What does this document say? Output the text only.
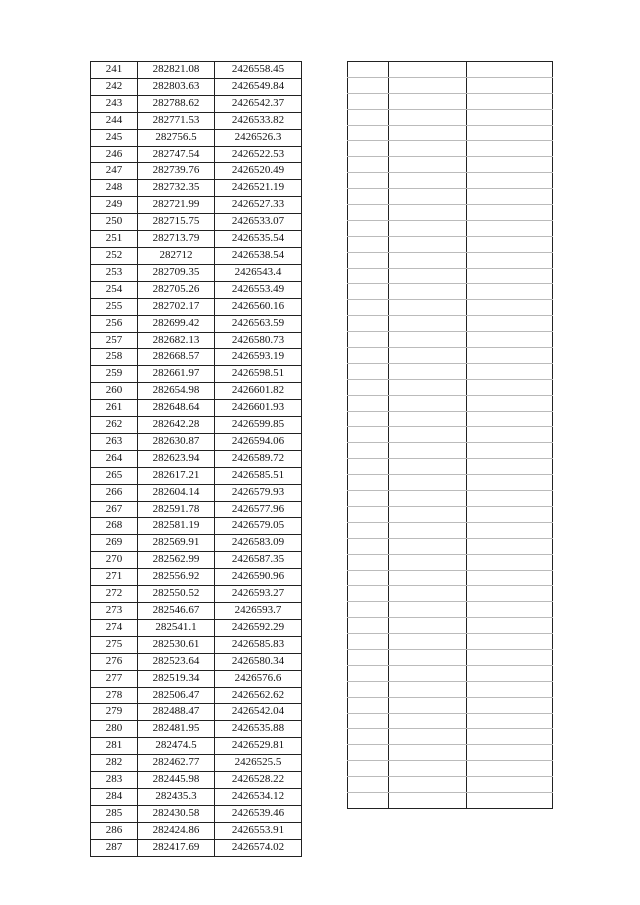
241	282821.08	2426558.45
242	282803.63	2426549.84
243	282788.62	2426542.37
244	282771.53	2426533.82
245	282756.5	2426526.3
246	282747.54	2426522.53
247	282739.76	2426520.49
248	282732.35	2426521.19
249	282721.99	2426527.33
250	282715.75	2426533.07
251	282713.79	2426535.54
252	282712	2426538.54
253	282709.35	2426543.4
254	282705.26	2426553.49
255	282702.17	2426560.16
256	282699.42	2426563.59
257	282682.13	2426580.73
258	282668.57	2426593.19
259	282661.97	2426598.51
260	282654.98	2426601.82
261	282648.64	2426601.93
262	282642.28	2426599.85
263	282630.87	2426594.06
264	282623.94	2426589.72
265	282617.21	2426585.51
266	282604.14	2426579.93
267	282591.78	2426577.96
268	282581.19	2426579.05
269	282569.91	2426583.09
270	282562.99	2426587.35
271	282556.92	2426590.96
272	282550.52	2426593.27
273	282546.67	2426593.7
274	282541.1	2426592.29
275	282530.61	2426585.83
276	282523.64	2426580.34
277	282519.34	2426576.6
278	282506.47	2426562.62
279	282488.47	2426542.04
280	282481.95	2426535.88
281	282474.5	2426529.81
282	282462.77	2426525.5
283	282445.98	2426528.22
284	282435.3	2426534.12
285	282430.58	2426539.46
286	282424.86	2426553.91
287	282417.69	2426574.02
